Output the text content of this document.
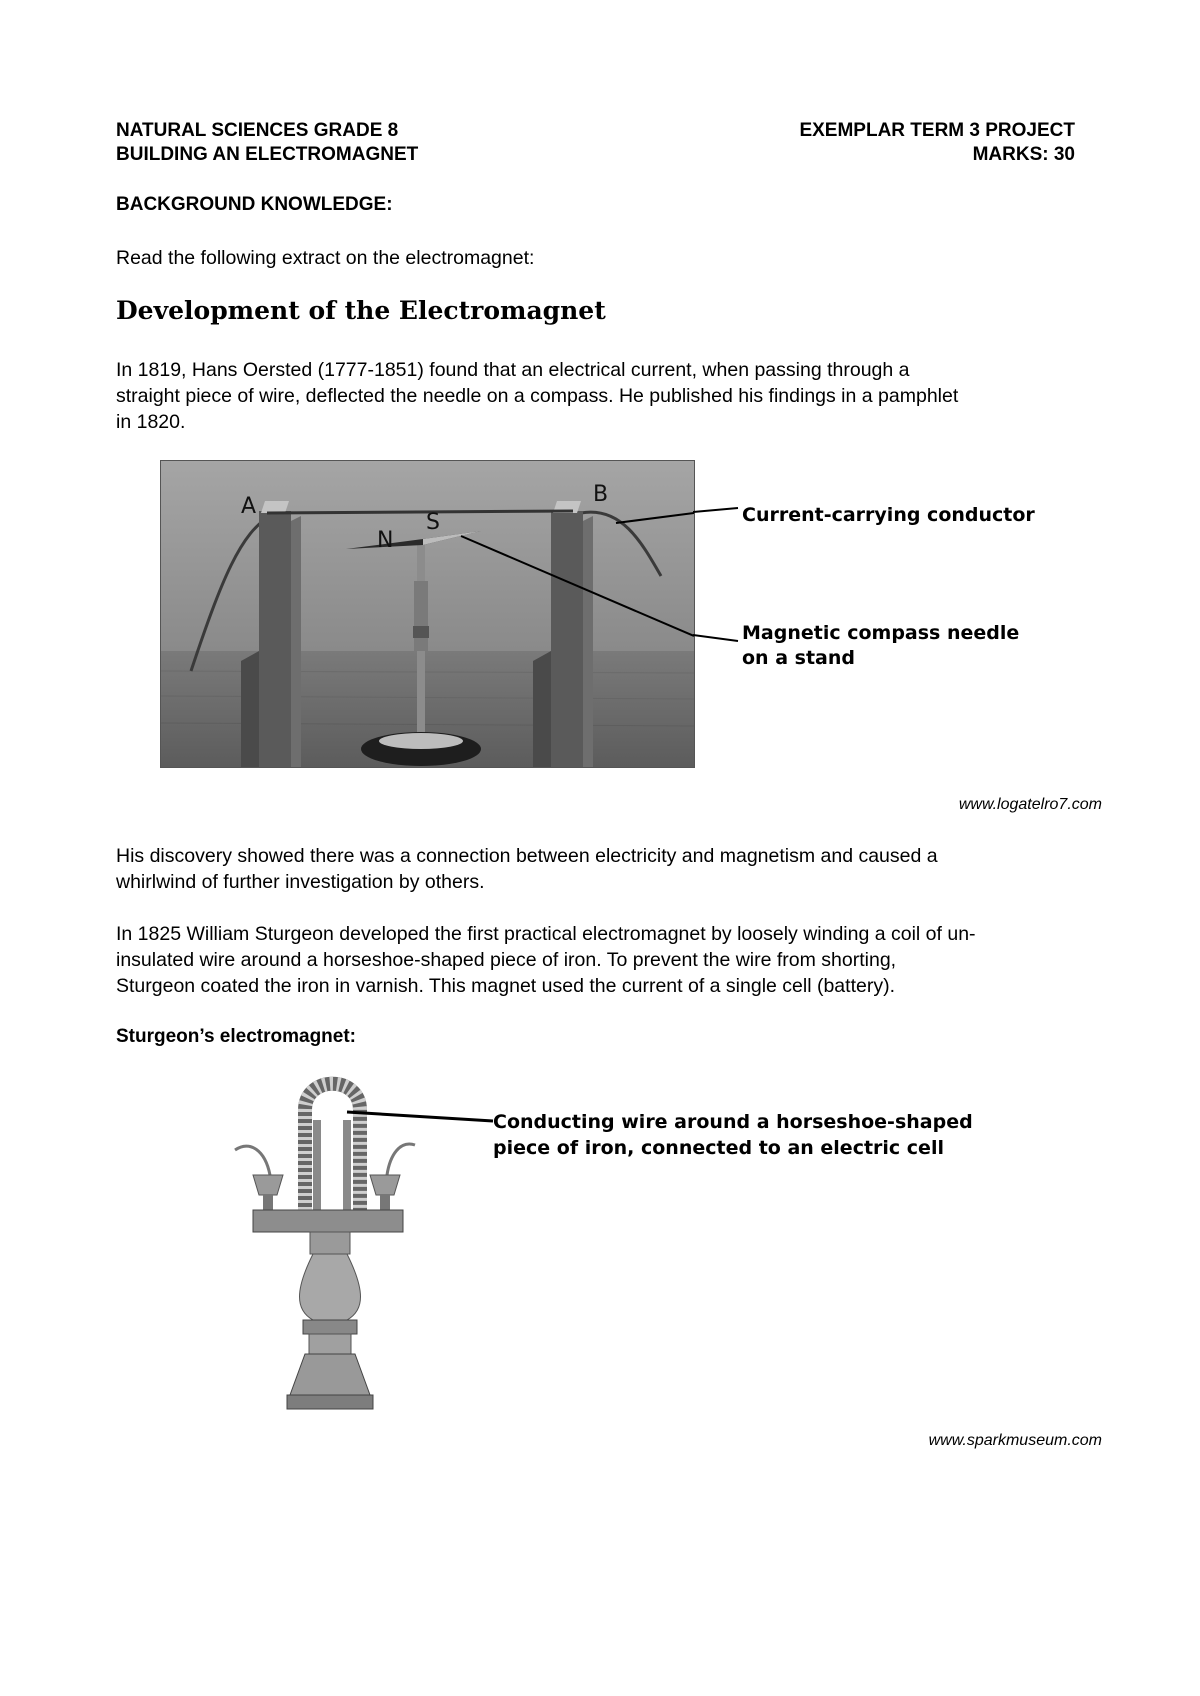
NATURAL SCIENCES GRADE 8
BUILDING AN ELECTROMAGNET
EXEMPLAR TERM 3 PROJECT
MARKS: 30
BACKGROUND KNOWLEDGE:
Read the following extract on the electromagnet:
Development of the Electromagnet
In 1819, Hans Oersted (1777-1851) found that an electrical current, when passing through a
straight piece of wire, deflected the needle on a compass. He published his findings in a pamphlet
in 1820.
A	B
N
S	Current-carrying conductor
Magnetic compass needle
on a stand
www.logatelro7.com
His discovery showed there was a connection between electricity and magnetism and caused a
whirlwind of further investigation by others.
In 1825 William Sturgeon developed the first practical electromagnet by loosely winding a coil of un-
insulated wire around a horseshoe-shaped piece of iron. To prevent the wire from shorting,
Sturgeon coated the iron in varnish. This magnet used the current of a single cell (battery).
Sturgeon’s electromagnet:
Conducting wire around a horseshoe-shaped
piece of iron, connected to an electric cell
www.sparkmuseum.com
